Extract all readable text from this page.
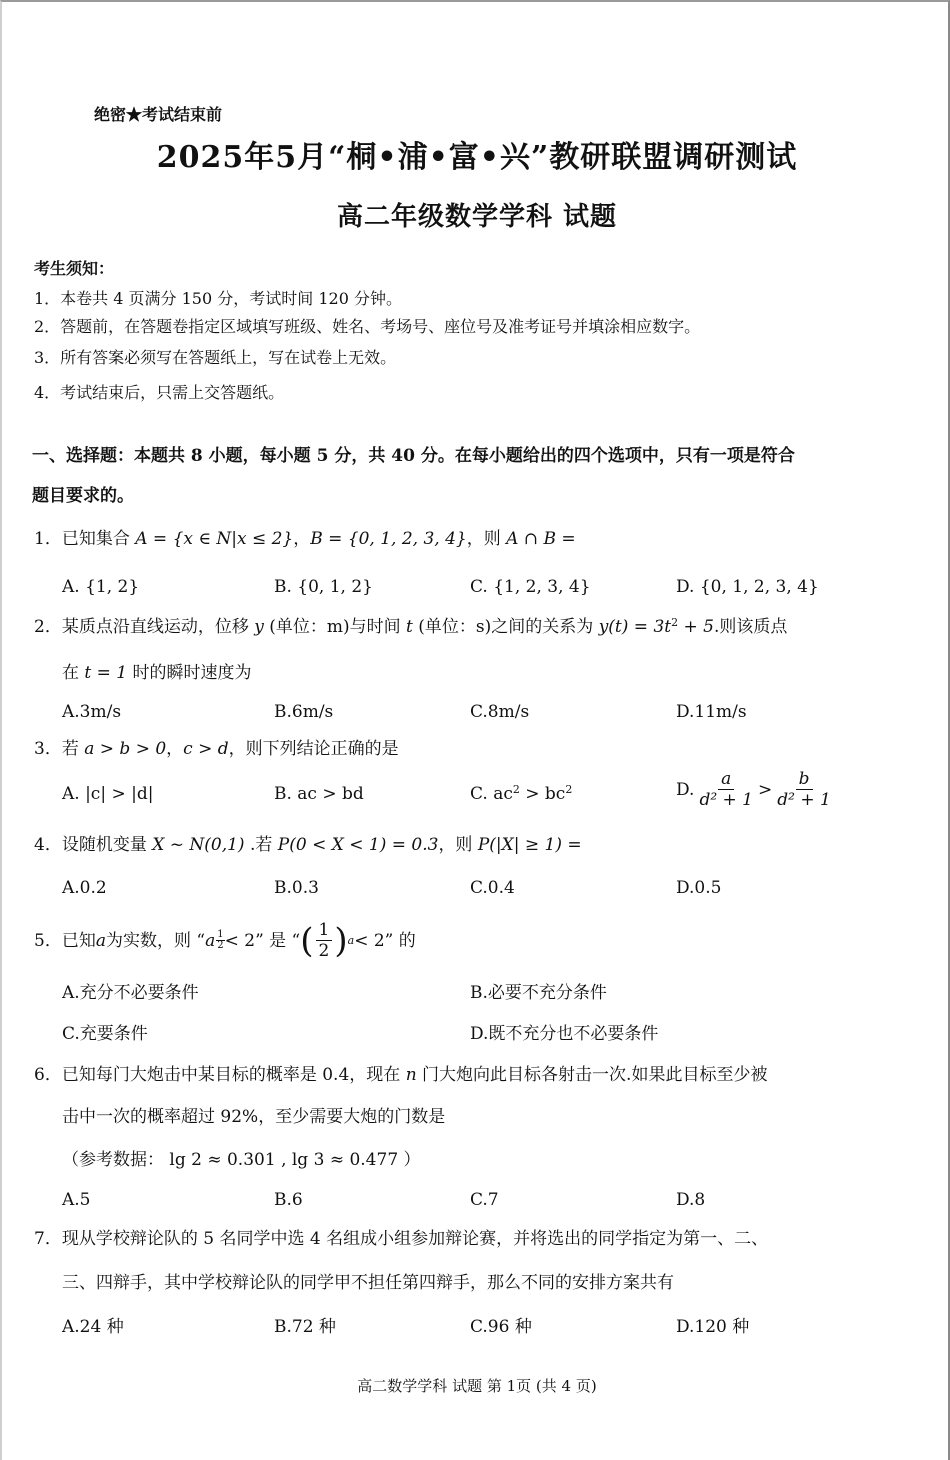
绝密★考试结束前
2025年5月“桐•浦•富•兴”教研联盟调研测试
高二年级数学学科 试题
考生须知：
1．本卷共 4 页满分 150 分，考试时间 120 分钟。
2．答题前，在答题卷指定区域填写班级、姓名、考场号、座位号及准考证号并填涂相应数字。
3．所有答案必须写在答题纸上，写在试卷上无效。
4．考试结束后，只需上交答题纸。
一、选择题：本题共 8 小题，每小题 5 分，共 40 分。在每小题给出的四个选项中，只有一项是符合
题目要求的。
1．已知集合 A = {x ∈ N|x ≤ 2}，B = {0, 1, 2, 3, 4}，则 A ∩ B =
A. {1, 2}	B. {0, 1, 2}	C. {1, 2, 3, 4}	D. {0, 1, 2, 3, 4}
2．某质点沿直线运动，位移 y (单位：m)与时间 t (单位：s)之间的关系为 $y(t) = 3t^2 + 5$.则该质点
在 t = 1 时的瞬时速度为
A.3m/s	B.6m/s	C.8m/s	D.11m/s
3．若 a > b > 0，c > d，则下列结论正确的是
A. |c| > |d|	B. ac > bd	C. $ac^2 > bc^2$	D. $\frac{a}{\text{d² + 1}} > \frac{b}{\text{d² + 1}}$
4．设随机变量 X ~ N(0,1) .若 P(0 < X < 1) = 0.3，则 P(|X| ≥ 1) =
A.0.2	B.0.3	C.0.4	D.0.5
5． 已知 a 为实数，则 “ a 1
2 < 2 ” 是 “ ( $\frac{1}{2}$ ) a < 2 ” 的
A.充分不必要条件	B.必要不充分条件
C.充要条件	D.既不充分也不必要条件
6．已知每门大炮击中某目标的概率是 0.4，现在 n 门大炮向此目标各射击一次.如果此目标至少被
击中一次的概率超过 92%，至少需要大炮的门数是
（参考数据： lg 2 ≈ 0.301 , lg 3 ≈ 0.477 ）
A.5	B.6	C.7	D.8
7．现从学校辩论队的 5 名同学中选 4 名组成小组参加辩论赛，并将选出的同学指定为第一、二、
三、四辩手，其中学校辩论队的同学甲不担任第四辩手，那么不同的安排方案共有
A.24 种	B.72 种	C.96 种	D.120 种
高二数学学科 试题 第 1页 (共 4 页)
